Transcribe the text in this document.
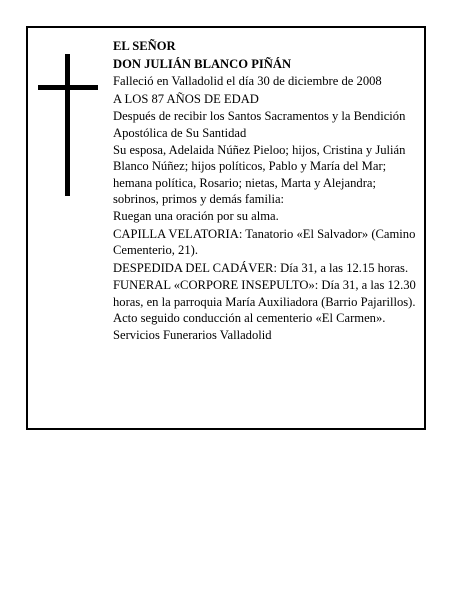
EL SEÑOR

DON JULIÁN BLANCO PIÑÁN

Falleció en Valladolid el día 30 de diciembre de 2008

A LOS 87 AÑOS DE EDAD

Después de recibir los Santos Sacramentos y la Bendición Apostólica de Su Santidad

Su esposa, Adelaida Núñez Pieloo; hijos, Cristina y Julián Blanco Núñez; hijos políticos, Pablo y María del Mar; hemana política, Rosario; nietas, Marta y Alejandra; sobrinos, primos y demás familia:

Ruegan una oración por su alma.

CAPILLA VELATORIA: Tanatorio «El Salvador» (Camino Cementerio, 21).

DESPEDIDA DEL CADÁVER: Día 31, a las 12.15 horas.

FUNERAL «CORPORE INSEPULTO»: Día 31, a las 12.30 horas, en la parroquia María Auxiliadora (Barrio Pajarillos). Acto seguido conducción al cementerio «El Carmen».

Servicios Funerarios Valladolid
